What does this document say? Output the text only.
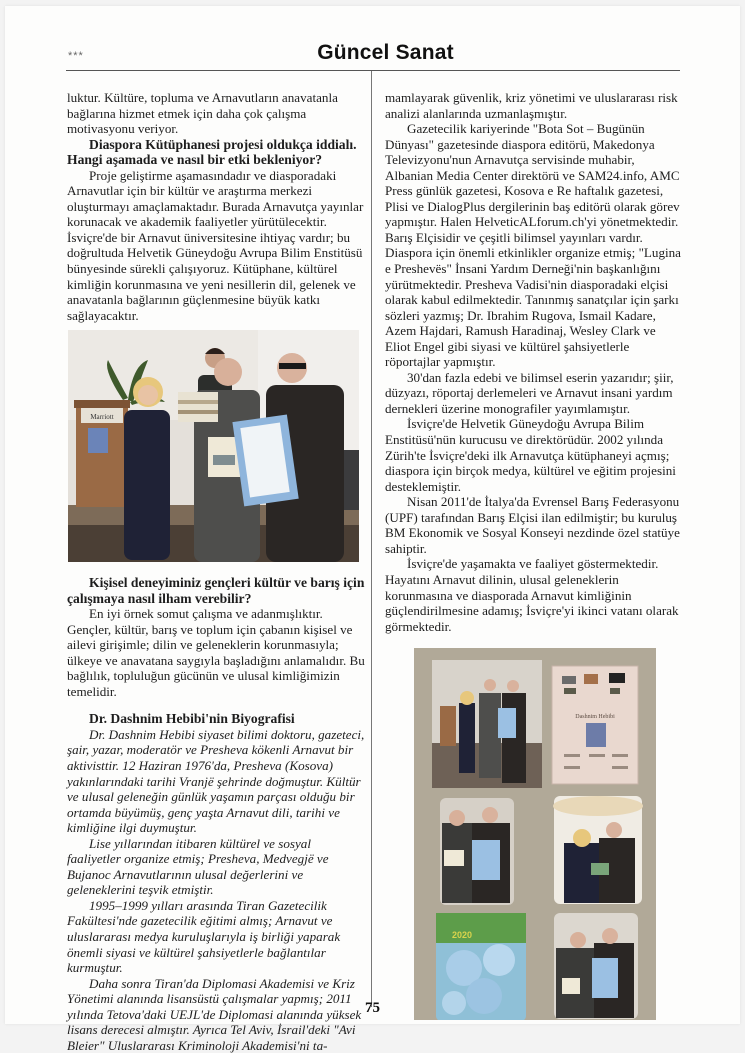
***	Güncel Sanat

luktur. Kültüre, topluma ve Arnavutların anavatanla bağlarına hizmet etmek için daha çok çalışma motivasyonu veriyor.

Diaspora Kütüphanesi projesi oldukça iddialı. Hangi aşamada ve nasıl bir etki bekleniyor?

Proje geliştirme aşamasındadır ve diasporadaki Arnavutlar için bir kültür ve araştırma merkezi oluşturmayı amaçlamaktadır. Burada Arnavutça yayınlar korunacak ve akademik faaliyetler yürütülecektir. İsviçre'de bir Arnavut üniversitesine ihtiyaç vardır; bu doğrultuda Helvetik Güneydoğu Avrupa Bilim Enstitüsü bünyesinde sürekli çalışıyoruz. Kütüphane, kültürel kimliğin korunmasına ve yeni nesillerin dil, gelenek ve anavatanla bağlarının güçlenmesine büyük katkı sağlayacaktır.

Marriott

Kişisel deneyiminiz gençleri kültür ve barış için çalışmaya nasıl ilham verebilir?

En iyi örnek somut çalışma ve adanmışlıktır. Gençler, kültür, barış ve toplum için çabanın kişisel ve ailevi girişimle; dilin ve geleneklerin korunmasıyla; ülkeye ve anavatana saygıyla başladığını anlamalıdır. Bu bağlılık, topluluğun gücünün ve ulusal kimliğimizin temelidir.

Dr. Dashnim Hebibi'nin Biyografisi

Dr. Dashnim Hebibi siyaset bilimi doktoru, gazeteci, şair, yazar, moderatör ve Presheva kökenli Arnavut bir aktivisttir. 12 Haziran 1976'da, Presheva (Kosova) yakınlarındaki tarihi Vranjë şehrinde doğmuştur. Kültür ve ulusal geleneğin günlük yaşamın parçası olduğu bir ortamda büyümüş, genç yaşta Arnavut dili, tarihi ve kimliğine ilgi duymuştur.

Lise yıllarından itibaren kültürel ve sosyal faaliyetler organize etmiş; Presheva, Medvegjë ve Bujanoc Arnavutlarının ulusal değerlerini ve geleneklerini teşvik etmiştir.

1995–1999 yılları arasında Tiran Gazetecilik Fakültesi'nde gazetecilik eğitimi almış; Arnavut ve uluslararası medya kuruluşlarıyla iş birliği yaparak önemli siyasi ve kültürel şahsiyetlerle bağlantılar kurmuştur.

Daha sonra Tiran'da Diplomasi Akademisi ve Kriz Yönetimi alanında lisansüstü çalışmalar yapmış; 2011 yılında Tetova'daki UEJL'de Diplomasi alanında yüksek lisans derecesi almıştır. Ayrıca Tel Aviv, İsrail'deki "Avi Bleier" Uluslararası Kriminoloji Akademisi'ni ta-

mamlayarak güvenlik, kriz yönetimi ve uluslararası risk analizi alanlarında uzmanlaşmıştır.

Gazetecilik kariyerinde "Bota Sot – Bugünün Dünyası" gazetesinde diaspora editörü, Makedonya Televizyonu'nun Arnavutça servisinde muhabir, Albanian Media Center direktörü ve SAM24.info, AMC Press günlük gazetesi, Kosova e Re haftalık gazetesi, Plisi ve DialogPlus dergilerinin baş editörü olarak görev yapmıştır. Halen HelveticALforum.ch'yi yönetmektedir. Barış Elçisidir ve çeşitli bilimsel yayınları vardır. Diaspora için önemli etkinlikler organize etmiş; "Lugina e Preshevës" İnsani Yardım Derneği'nin başkanlığını yürütmektedir. Presheva Vadisi'nin diasporadaki elçisi olarak kabul edilmektedir. Tanınmış sanatçılar için şarkı sözleri yazmış; Dr. Ibrahim Rugova, Ismail Kadare, Azem Hajdari, Ramush Haradinaj, Wesley Clark ve Eliot Engel gibi siyasi ve kültürel şahsiyetlerle röportajlar yapmıştır.

30'dan fazla edebi ve bilimsel eserin yazarıdır; şiir, düzyazı, röportaj derlemeleri ve Arnavut insani yardım dernekleri üzerine monografiler yayımlamıştır.

İsviçre'de Helvetik Güneydoğu Avrupa Bilim Enstitüsü'nün kurucusu ve direktörüdür. 2002 yılında Zürih'te İsviçre'deki ilk Arnavutça kütüphaneyi açmış; diaspora için birçok medya, kültürel ve eğitim projesini desteklemiştir.

Nisan 2011'de İtalya'da Evrensel Barış Federasyonu (UPF) tarafından Barış Elçisi ilan edilmiştir; bu kuruluş BM Ekonomik ve Sosyal Konseyi nezdinde özel statüye sahiptir.

İsviçre'de yaşamakta ve faaliyet göstermektedir. Hayatını Arnavut dilinin, ulusal geleneklerin korunmasına ve diasporada Arnavut kimliğinin güçlendirilmesine adamış; İsviçre'yi ikinci vatanı olarak görmektedir.

Dashnim Hebibi
2020
75
